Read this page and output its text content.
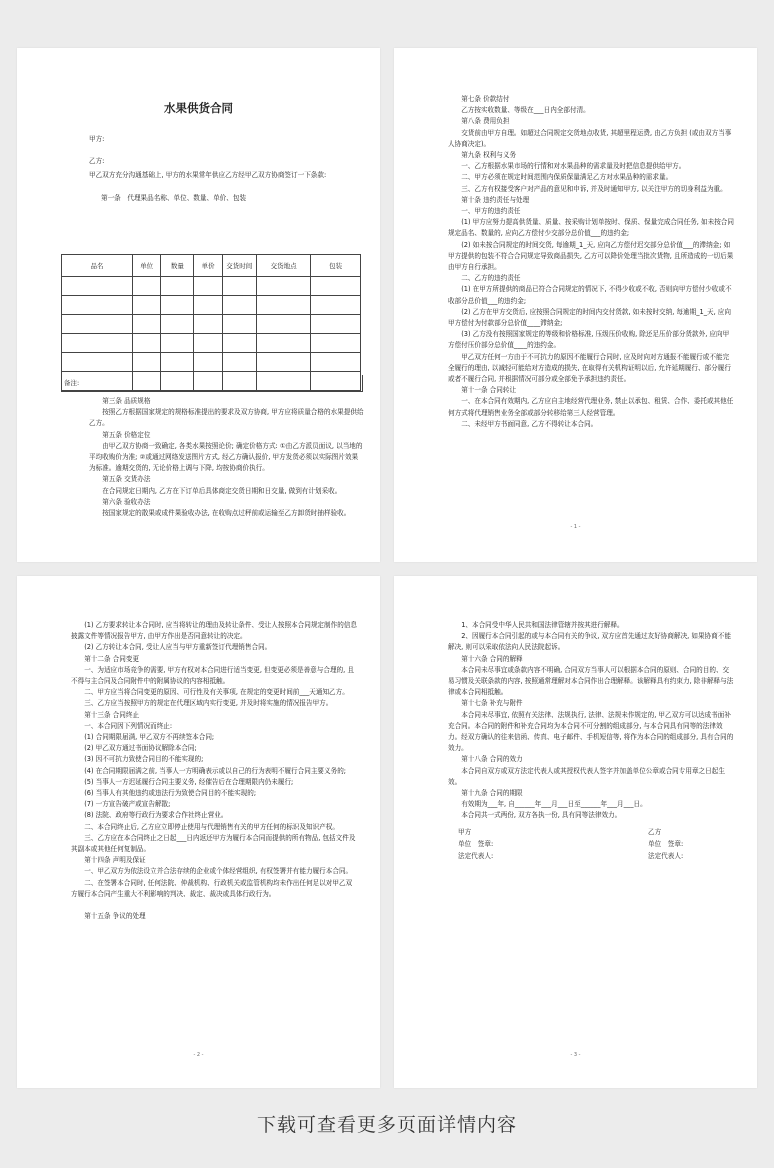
水果供货合同
甲方:
乙方:
甲乙双方充分沟通基础上, 甲方的水果常年供应乙方经甲乙双方协商签订一下条款:
第一条　代理果品名称、单位、数量、单价、包装
品名	单位	数量	单价	交货时间	交货地点	包装

备注:

第三条 品质规格

按照乙方根据国家规定的规格标准提出的要求及双方协商, 甲方应将质量合格的水果提供给乙方。

第五条 价格定位

由甲乙双方协商一致确定, 各类水果按照论价; 确定价格方式: ①由乙方派员面议, 以当地的平均收购价为准; ②或通过网络发送图片方式, 经乙方确认报价, 甲方发货必须以实际图片效果为标准。逾期交货的, 无论价格上调与下降, 均按协商价执行。

第五条 交货办法

在合同规定日期内, 乙方在下订单后具体商定交货日期和日交量, 做到有计划采收。

第六条 验收办法

按国家规定的散果或成件果验收办法, 在收购点过秤前或运输至乙方卸货时抽样验收。

第七条 价款结付

乙方按实收数量、等级在___日内全部付清。

第八条 费用负担

交货前由甲方自理。如超过合同规定交货地点收货, 其超里程运费, 由乙方负担 (或由双方当事人协商决定)。

第九条 权利与义务

一、乙方根据水果市场的行情和对水果品种的需求量及时把信息提供给甲方。

二、甲方必须在规定时间范围内保质保量满足乙方对水果品种的需求量。

三、乙方有权接受客户对产品的意见和申诉, 并及时通知甲方, 以关注甲方的切身利益为重。

第十条 违约责任与处理

一、甲方的违约责任

(1) 甲方应努力提高供货量、质量、按采购计划单按时、保质、保量完成合同任务, 如未按合同规定品名、数量的, 应向乙方偿付少交部分总价值___的违约金;

(2) 如未按合同规定的时间交货, 每逾期_1_天, 应向乙方偿付迟交部分总价值___的滞纳金; 如甲方提供的包装不符合合同规定导致商品损失, 乙方可以降价处理当批次货物, 且所造成的一切后果由甲方自行承担。

二、乙方的违约责任

(1) 在甲方所提供的商品已符合合同规定的情况下, 不得少收或不收, 否则向甲方偿付少收或不收部分总价值___的违约金;

(2) 乙方在甲方交货后, 应按照合同规定的时间内交付货款, 如未按时交纳, 每逾期_1_天, 应向甲方偿付为付款部分总价值____滞纳金;

(3) 乙方没有按照国家规定的等级和价格标准, 压级压价收购, 除还足压价部分货款外, 应向甲方偿付压价部分总价值____的违约金。

甲乙双方任何一方由于不可抗力的原因不能履行合同时, 应及时向对方通报不能履行或不能完全履行的理由, 以减轻可能给对方造成的损失, 在取得有关机构证明以后, 允许延期履行、部分履行或者不履行合同, 并根据情况可部分或全部免予承担违约责任。

第十一条 合同转让

一、在本合同有效期内, 乙方应自主地经营代理业务, 禁止以承包、租赁、合作、委托或其他任何方式将代理销售业务全部或部分转移给第三人经营管理。

二、未经甲方书面同意, 乙方不得转让本合同。

- 1 -

(1) 乙方要求转让本合同时, 应当将转让的理由及转让条件、受让人按照本合同规定制作的信息披露文件等情况报告甲方, 由甲方作出是否同意转让的决定。

(2) 乙方转让本合同, 受让人应当与甲方重新签订代理销售合同。

第十二条 合同变更

一、为适应市场竞争的需要, 甲方有权对本合同进行适当变更, 但变更必须是善意与合理的, 且不得与主合同及合同附件中的附属协议的内容相抵触。

二、甲方应当将合同变更的原因、可行性及有关事项, 在规定的变更时间前___天通知乙方。

三、乙方应当按照甲方的规定在代理区域内实行变更, 并及时将实施的情况报告甲方。

第十三条 合同终止

一、本合同因下列情况而终止:

(1) 合同期限届满, 甲乙双方不再续签本合同;

(2) 甲乙双方通过书面协议解除本合同;

(3) 因不可抗力致使合同目的不能实现的;

(4) 在合同期限届满之前, 当事人一方明确表示或以自己的行为表明不履行合同主要义务的;

(5) 当事人一方迟延履行合同主要义务, 经催告后在合理期限内仍未履行;

(6) 当事人有其他违约或违法行为致使合同目的不能实现的;

(7) 一方宣告破产或宣告解散;

(8) 法院、政府等行政行为要求合作社终止营业。

二、本合同终止后, 乙方应立即停止使用与代理销售有关的甲方任何的标识及知识产权。

三、乙方应在本合同终止之日起___日内返还甲方为履行本合同而提供的所有物品, 包括文件及其副本或其他任何复制品。

第十四条 声明及保证

一、甲乙双方为依法设立并合法存续的企业或个体经营组织, 有权签署并有能力履行本合同。

二、在签署本合同时, 任何法院、仲裁机构、行政机关或监管机构均未作出任何足以对甲乙双方履行本合同产生重大不利影响的判决、裁定、裁决或具体行政行为。

第十五条 争议的处理

- 2 -

1、本合同受中华人民共和国法律管辖并按其进行解释。

2、因履行本合同引起的或与本合同有关的争议, 双方应首先通过友好协商解决, 如果协商不能解决, 则可以采取依法向人民法院起诉。

第十六条 合同的解释

本合同未尽事宜或条款内容不明确, 合同双方当事人可以根据本合同的原则、合同的目的、交易习惯及关联条款的内容, 按照通常理解对本合同作出合理解释。该解释具有约束力, 除非解释与法律或本合同相抵触。

第十七条 补充与附件

本合同未尽事宜, 依照有关法律、法规执行, 法律、法规未作规定的, 甲乙双方可以达成书面补充合同。本合同的附件和补充合同均为本合同不可分割的组成部分, 与本合同具有同等的法律效力。经双方确认的往来信函、传真、电子邮件、手机短信等, 将作为本合同的组成部分, 具有合同的效力。

第十八条 合同的效力

本合同自双方或双方法定代表人或其授权代表人签字并加盖单位公章或合同专用章之日起生效。

第十九条 合同的期限

有效期为___年, 自______年___月___日至______年___月___日。

本合同共一式两份, 双方各执一份, 具有同等法律效力。

甲方
单位　签章:
法定代表人:
乙方
单位　签章:
法定代表人:
- 3 -
下载可查看更多页面详情内容
